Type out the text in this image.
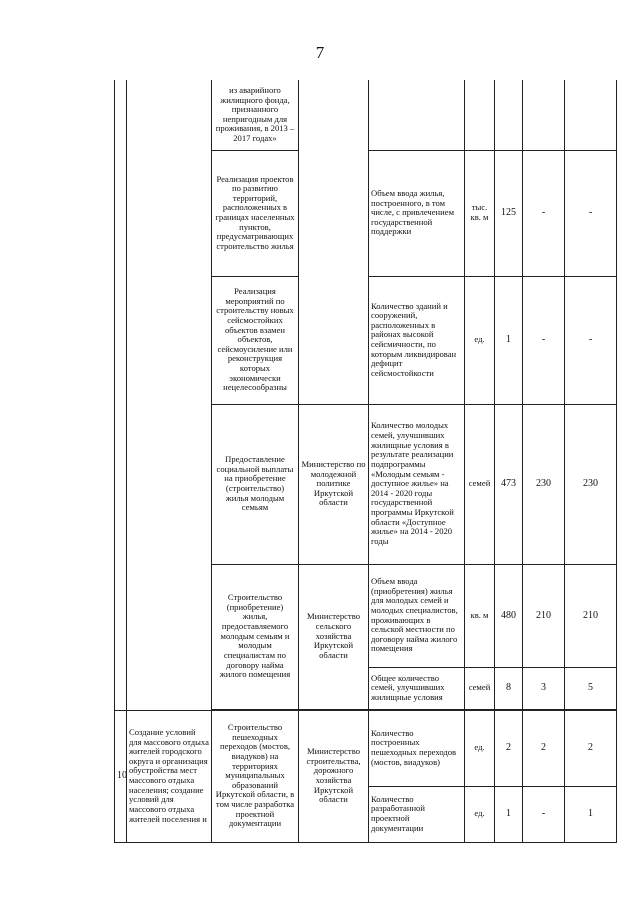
7
		из аварийного жилищного фонда, признанного непригодным для проживания, в 2013 – 2017 годах»						
		Реализация проектов по развитию территорий, расположенных в границах населенных пунктов, предусматривающих строительство жилья		Объем ввода жилья, построенного, в том числе, с привлечением государственной поддержки	тыс. кв. м	125	-	-
		Реализация мероприятий по строительству новых сейсмостойких объектов взамен объектов, сейсмоусиление или реконструкция которых экономически нецелесообразны		Количество зданий и сооружений, расположенных в районах высокой сейсмичности, по которым ликвидирован дефицит сейсмостойкости	ед.	1	-	-
		Предоставление социальной выплаты на приобретение (строительство) жилья молодым семьям	Министерство по молодежной политике Иркутской области	Количество молодых семей, улучшивших жилищные условия в результате реализации подпрограммы «Молодым семьям - доступное жилье» на 2014 - 2020 годы государственной программы Иркутской области «Доступное жилье» на 2014 - 2020 годы	семей	473	230	230
		Строительство (приобретение) жилья, предоставляемого молодым семьям и молодым специалистам по договору найма жилого помещения	Министерство сельского хозяйства Иркутской области	Объем ввода (приобретения) жилья для молодых семей и молодых специалистов, проживающих в сельской местности по договору найма жилого помещения	кв. м	480	210	210
				Общее количество семей, улучшивших жилищные условия	семей	8	3	5

10	Создание условий для массового отдыха жителей городского округа и организация обустройства мест массового отдыха населения; создание условий для массового отдыха жителей поселения и	Строительство пешеходных переходов (мостов, виадуков) на территориях муниципальных образований Иркутской области, в том числе разработка проектной документации	Министерство строительства, дорожного хозяйства Иркутской области	Количество построенных пешеходных переходов (мостов, виадуков)	ед.	2	2	2
				Количество разработанной проектной документации	ед.	1	-	1
